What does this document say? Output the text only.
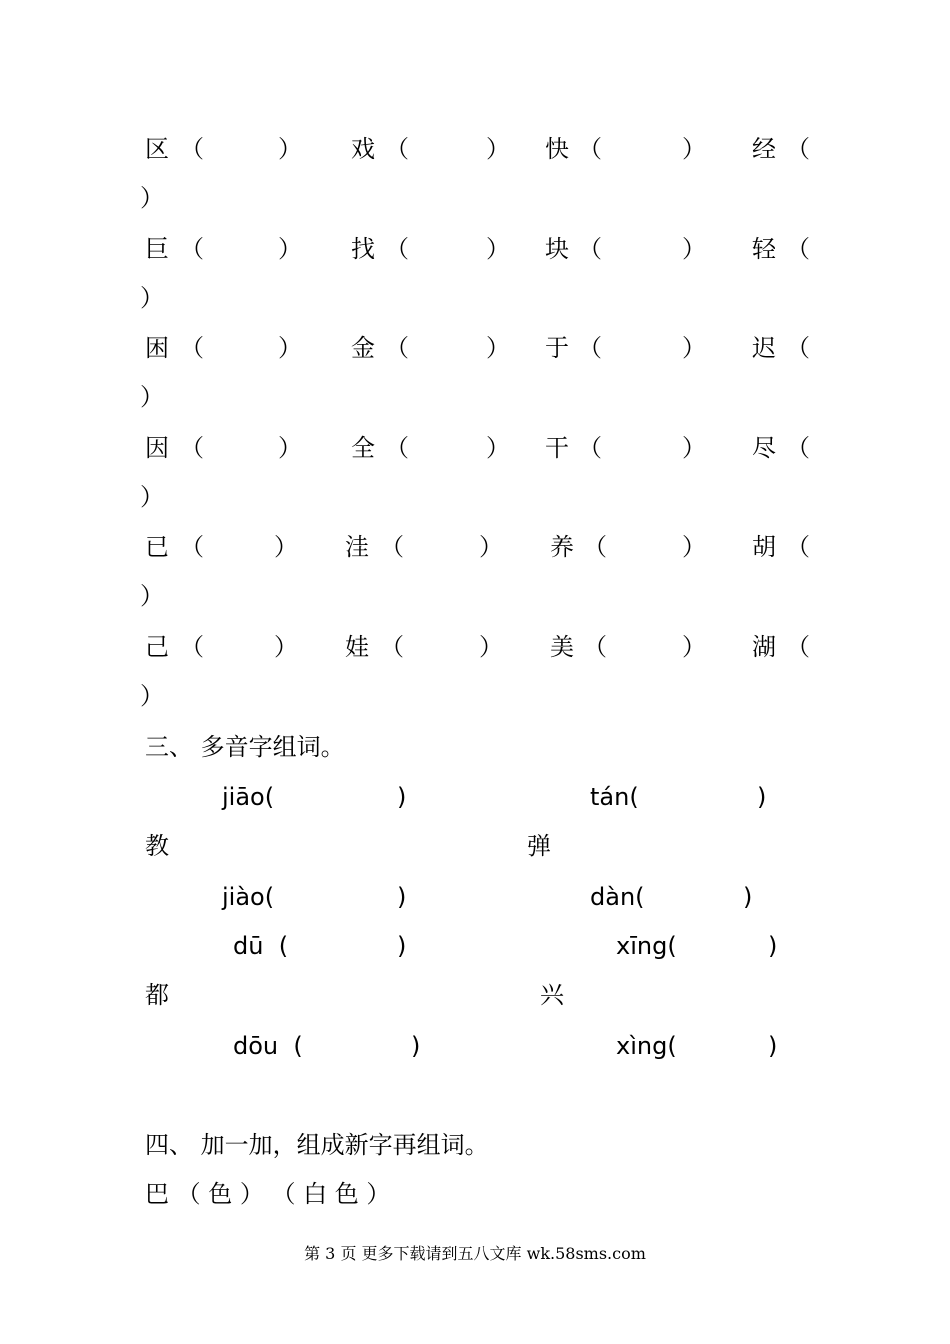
区 （	） 戏 （	） 快 （	） 经 （
）
巨 （	） 找 （	） 块 （	） 轻 （
）
困 （	） 金 （	） 于 （	） 迟 （
）
因 （	） 全 （	） 干 （	） 尽 （
）
已 （	） 洼 （	） 养 （	） 胡 （
）
己 （	） 娃 （	） 美 （	） 湖 （
）
三、 多音字组词。
jiāo(	)	tán(	)
教	弹
jiào(	)	dàn(	)
dū  (	)	xīng(	)
都	兴
dōu  (	)	xìng(	)
四、 加一加，组成新字再组词。
巴 （ 色 ） （ 白 色 ）
第 3 页 更多下载请到五八文库 wk.58sms.com
